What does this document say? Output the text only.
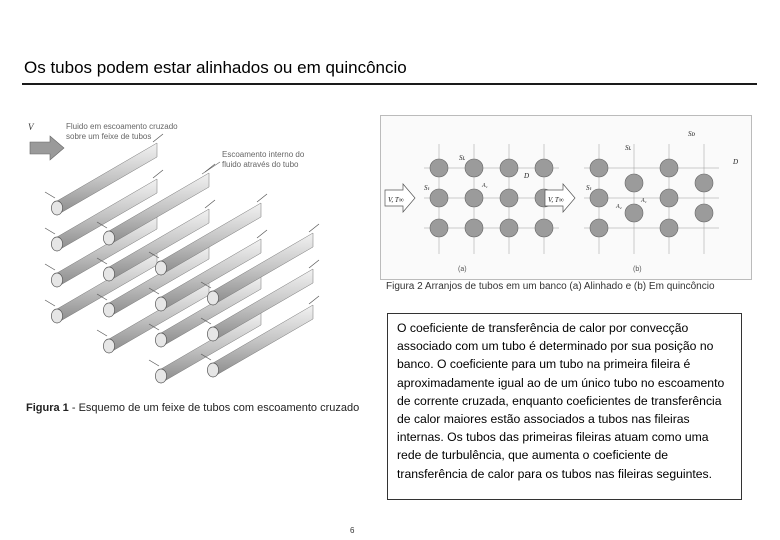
Os tubos podem estar alinhados ou em quincôncio
V	Fluido em escoamento cruzado
sobre um feixe de tubos
Escoamento interno do
fluido através do tubo
Figura 1 - Esquemo de um feixe de tubos com escoamento cruzado
V, T∞	V, T∞
(a)	(b)
Sʟ
Sₜ
D
A₁
Sʟ
Sᴅ
Sₜ
D
A₂
A₁
Figura 2 Arranjos de tubos em um banco (a) Alinhado e (b) Em quincôncio
O coeficiente de transferência de calor por convecção associado com um tubo é determinado por sua posição no banco. O coeficiente para um tubo na primeira fileira é aproximadamente igual ao de um único tubo no escoamento de corrente cruzada, enquanto coeficientes de transferência de calor maiores estão associados a tubos nas fileiras internas. Os tubos das primeiras fileiras atuam como uma rede de turbulência, que aumenta o coeficiente de transferência de calor para os tubos nas fileiras seguintes.
6
